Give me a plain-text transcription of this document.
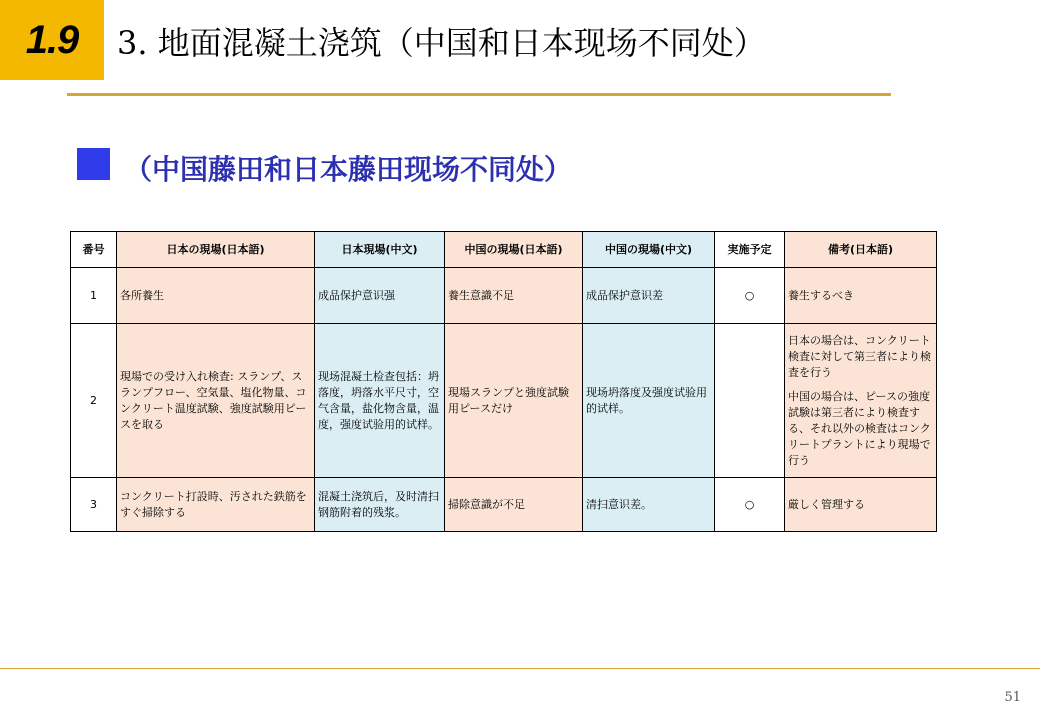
1.9 3. 地面混凝土浇筑（中国和日本现场不同处）
（中国藤田和日本藤田现场不同处）
番号	日本の現場(日本語)	日本現場(中文)	中国の現場(日本語)	中国の現場(中文)	実施予定	備考(日本語)
1	各所養生	成品保护意识强	養生意識不足	成品保护意识差	○	養生するべき
2	現場での受け入れ検査: スランプ、スランプフロー、空気量、塩化物量、コンクリート温度試験、強度試験用ピースを取る	现场混凝土检查包括：坍落度，坍落水平尺寸，空气含量，盐化物含量，温度，强度试验用的试样。	現場スランプと強度試験用ピースだけ	现场坍落度及强度试验用的试样。		日本の場合は、コンクリート検査に対して第三者により検査を行う
中国の場合は、ピースの強度試験は第三者により検査する、それ以外の検査はコンクリートプラントにより現場で行う

3	コンクリート打設時、汚された鉄筋をすぐ掃除する	混凝土浇筑后，及时清扫钢筋附着的残浆。	掃除意識が不足	清扫意识差。	○	厳しく管理する
51
